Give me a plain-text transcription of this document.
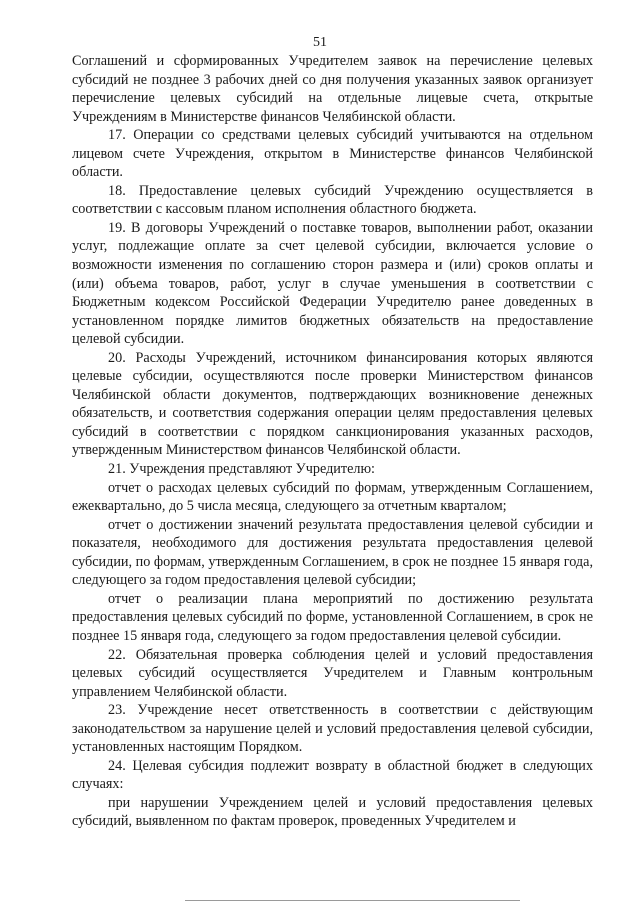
51

Соглашений и сформированных Учредителем заявок на перечисление целевых субсидий не позднее 3 рабочих дней со дня получения указанных заявок организует перечисление целевых субсидий на отдельные лицевые счета, открытые Учреждениям в Министерстве финансов Челябинской области.

17. Операции со средствами целевых субсидий учитываются на отдельном лицевом счете Учреждения, открытом в Министерстве финансов Челябинской области.

18. Предоставление целевых субсидий Учреждению осуществляется в соответствии с кассовым планом исполнения областного бюджета.

19. В договоры Учреждений о поставке товаров, выполнении работ, оказании услуг, подлежащие оплате за счет целевой субсидии, включается условие о возможности изменения по соглашению сторон размера и (или) сроков оплаты и (или) объема товаров, работ, услуг в случае уменьшения в соответствии с Бюджетным кодексом Российской Федерации Учредителю ранее доведенных в установленном порядке лимитов бюджетных обязательств на предоставление целевой субсидии.

20. Расходы Учреждений, источником финансирования которых являются целевые субсидии, осуществляются после проверки Министерством финансов Челябинской области документов, подтверждающих возникновение денежных обязательств, и соответствия содержания операции целям предоставления целевых субсидий в соответствии с порядком санкционирования указанных расходов, утвержденным Министерством финансов Челябинской области.

21. Учреждения представляют Учредителю:

отчет о расходах целевых субсидий по формам, утвержденным Соглашением, ежеквартально, до 5 числа месяца, следующего за отчетным кварталом;

отчет о достижении значений результата предоставления целевой субсидии и показателя, необходимого для достижения результата предоставления целевой субсидии, по формам, утвержденным Соглашением, в срок не позднее 15 января года, следующего за годом предоставления целевой субсидии;

отчет о реализации плана мероприятий по достижению результата предоставления целевых субсидий по форме, установленной Соглашением, в срок не позднее 15 января года, следующего за годом предоставления целевой субсидии.

22. Обязательная проверка соблюдения целей и условий предоставления целевых субсидий осуществляется Учредителем и Главным контрольным управлением Челябинской области.

23. Учреждение несет ответственность в соответствии с действующим законодательством за нарушение целей и условий предоставления целевой субсидии, установленных настоящим Порядком.

24. Целевая субсидия подлежит возврату в областной бюджет в следующих случаях:

при нарушении Учреждением целей и условий предоставления целевых субсидий, выявленном по фактам проверок, проведенных Учредителем и
